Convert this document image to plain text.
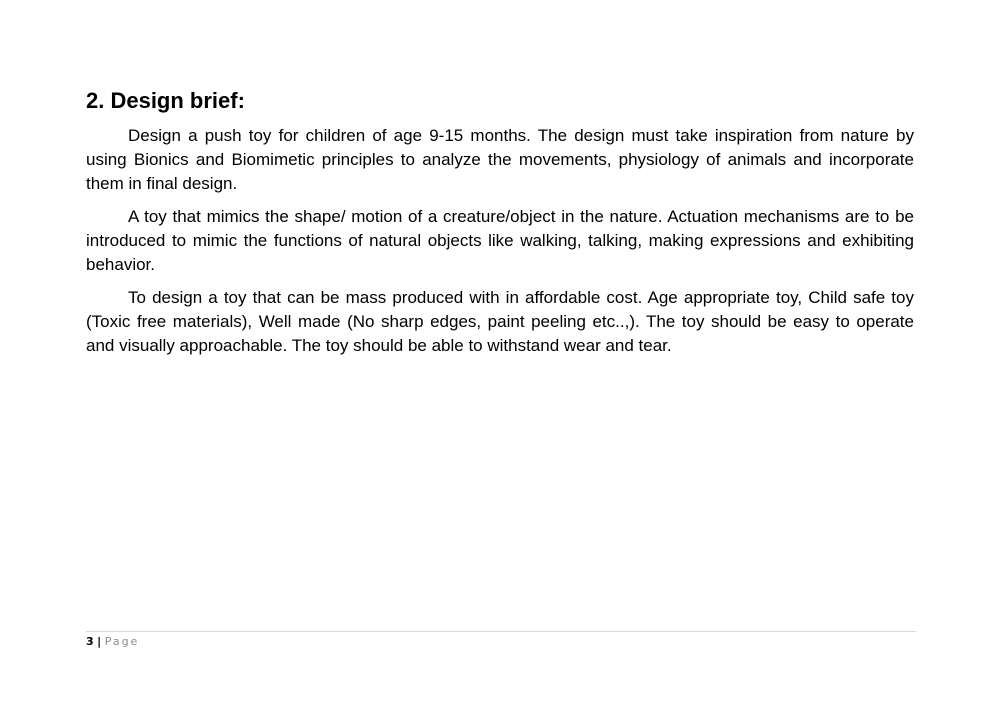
2. Design brief:

Design a push toy for children of age 9-15 months. The design must take inspiration from nature by using Bionics and Biomimetic principles to analyze the movements, physiology of animals and incorporate them in final design.

A toy that mimics the shape/ motion of a creature/object in the nature. Actuation mechanisms are to be introduced to mimic the functions of natural objects like walking, talking, making expressions and exhibiting behavior.

To design a toy that can be mass produced with in affordable cost. Age appropriate toy, Child safe toy (Toxic free materials), Well made (No sharp edges, paint peeling etc..,). The toy should be easy to operate and visually approachable. The toy should be able to withstand wear and tear.

3 | Page
